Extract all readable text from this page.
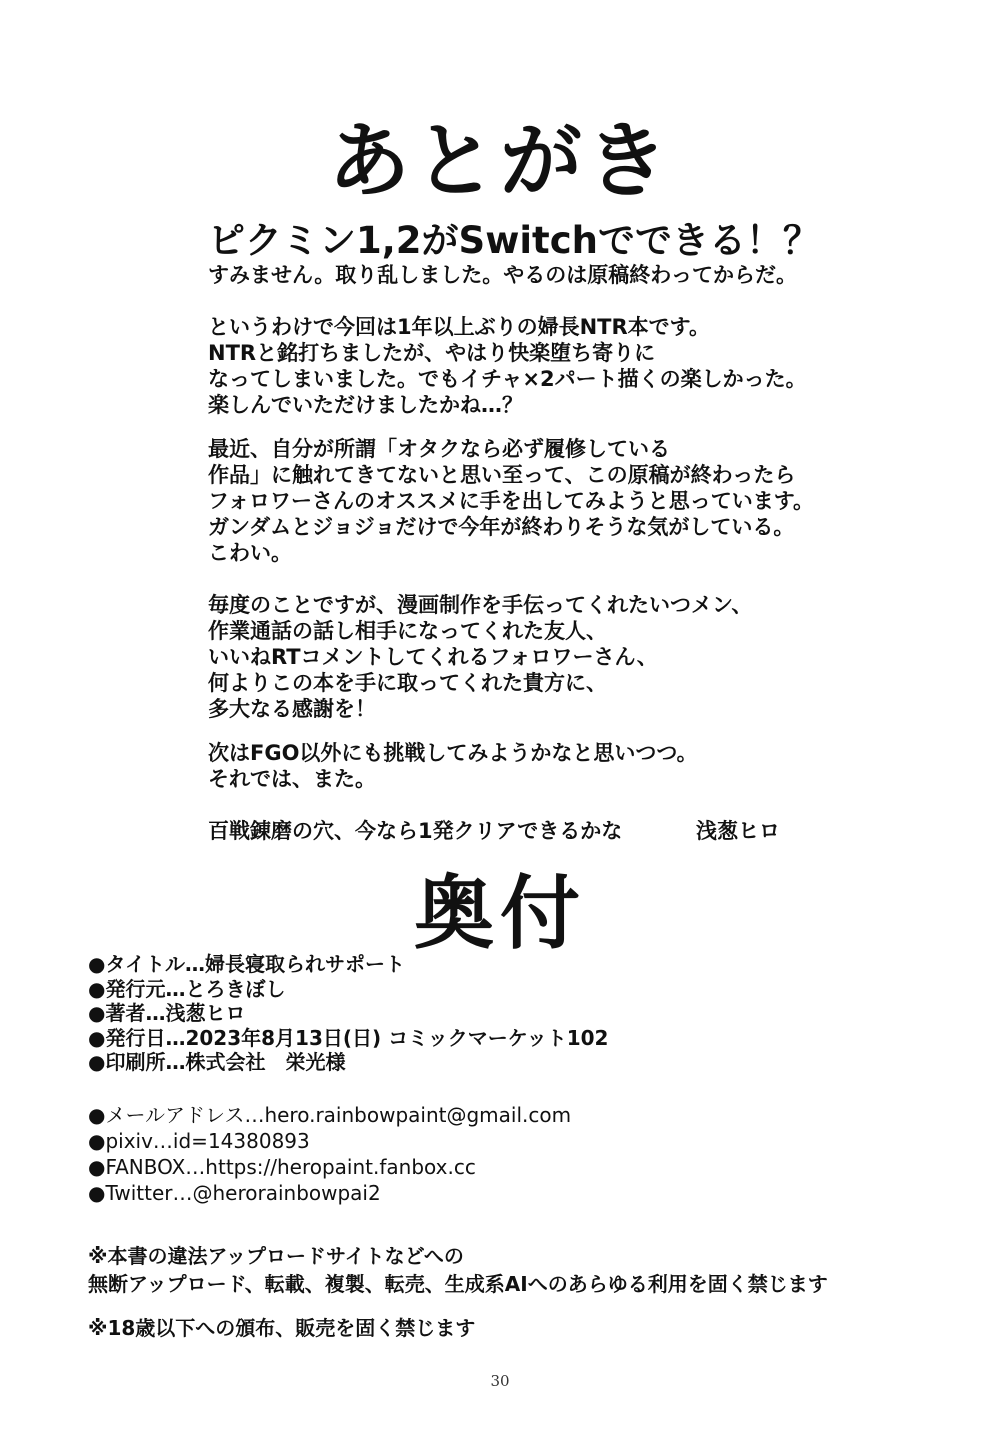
あとがき
ピクミン1,2がSwitchでできる！？
すみません。取り乱しました。やるのは原稿終わってからだ。
というわけで今回は1年以上ぶりの婦長NTR本です。
NTRと銘打ちましたが、やはり快楽堕ち寄りに
なってしまいました。でもイチャ×2パート描くの楽しかった。
楽しんでいただけましたかね…？
最近、自分が所謂「オタクなら必ず履修している
作品」に触れてきてないと思い至って、この原稿が終わったら
フォロワーさんのオススメに手を出してみようと思っています。
ガンダムとジョジョだけで今年が終わりそうな気がしている。
こわい。
毎度のことですが、漫画制作を手伝ってくれたいつメン、
作業通話の話し相手になってくれた友人、
いいねRTコメントしてくれるフォロワーさん、
何よりこの本を手に取ってくれた貴方に、
多大なる感謝を！
次はFGO以外にも挑戦してみようかなと思いつつ。
それでは、また。
百戦錬磨の穴、今なら1発クリアできるかな	浅葱ヒロ
奥付
●タイトル…婦長寝取られサポート
●発行元…とろきぼし
●著者…浅葱ヒロ
●発行日…2023年8月13日(日) コミックマーケット102
●印刷所…株式会社　栄光様
●メールアドレス…hero.rainbowpaint@gmail.com
●pixiv…id=14380893
●FANBOX…https://heropaint.fanbox.cc
●Twitter…@herorainbowpai2
※本書の違法アップロードサイトなどへの
無断アップロード、転載、複製、転売、生成系AIへのあらゆる利用を固く禁じます
※18歳以下への頒布、販売を固く禁じます
30
